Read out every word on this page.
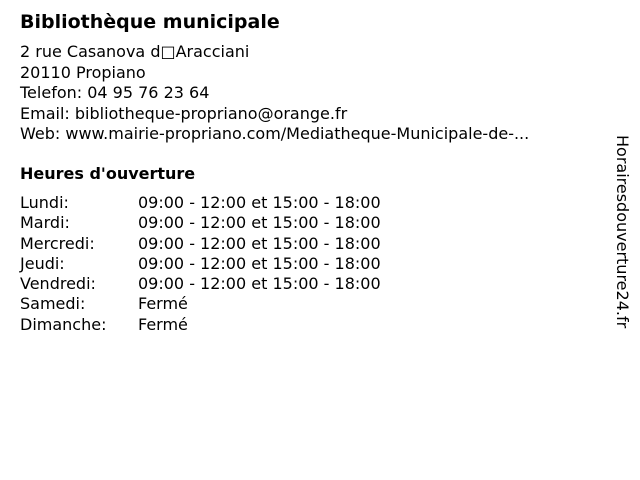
Bibliothèque municipale
2 rue Casanova d□Aracciani
20110 Propiano
Telefon: 04 95 76 23 64
Email: bibliotheque-propriano@orange.fr
Web: www.mairie-propriano.com/Mediatheque-Municipale-de-...
Heures d'ouverture
Lundi:	09:00 - 12:00 et 15:00 - 18:00
Mardi:	09:00 - 12:00 et 15:00 - 18:00
Mercredi:	09:00 - 12:00 et 15:00 - 18:00
Jeudi:	09:00 - 12:00 et 15:00 - 18:00
Vendredi:	09:00 - 12:00 et 15:00 - 18:00
Samedi:	Fermé
Dimanche:	Fermé	Horairesdouverture24.fr
